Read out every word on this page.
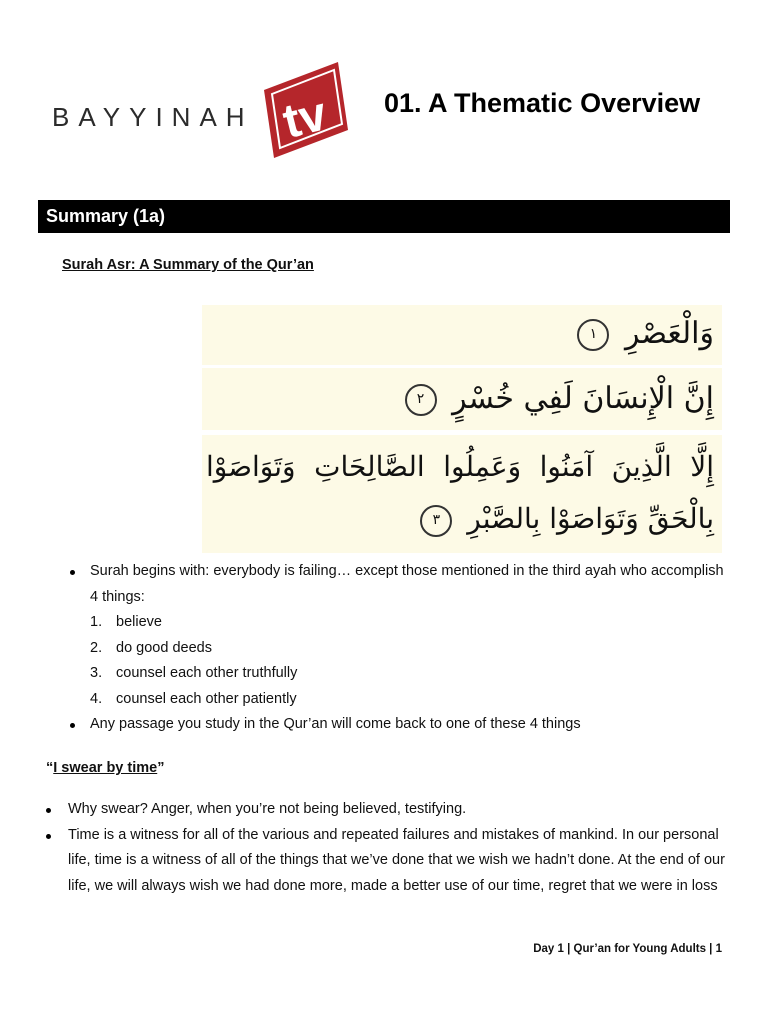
BAYYINAH tv 01. A Thematic Overview
Summary (1a)
Surah Asr: A Summary of the Qur’an
وَالْعَصْرِ ١
إِنَّ الْإِنسَانَ لَفِي خُسْرٍ ٢
إِلَّا الَّذِينَ آمَنُوا وَعَمِلُوا الصَّالِحَاتِ وَتَوَاصَوْا بِالْحَقِّ وَتَوَاصَوْا بِالصَّبْرِ ٣
Surah begins with: everybody is failing… except those mentioned in the third ayah who accomplish 4 things:
1. believe
2. do good deeds
3. counsel each other truthfully
4. counsel each other patiently
Any passage you study in the Qur’an will come back to one of these 4 things
“I swear by time”
Why swear? Anger, when you’re not being believed, testifying.
Time is a witness for all of the various and repeated failures and mistakes of mankind. In our personal life, time is a witness of all of the things that we’ve done that we wish we hadn’t done. At the end of our life, we will always wish we had done more, made a better use of our time, regret that we were in loss
Day 1 | Qur’an for Young Adults | 1
